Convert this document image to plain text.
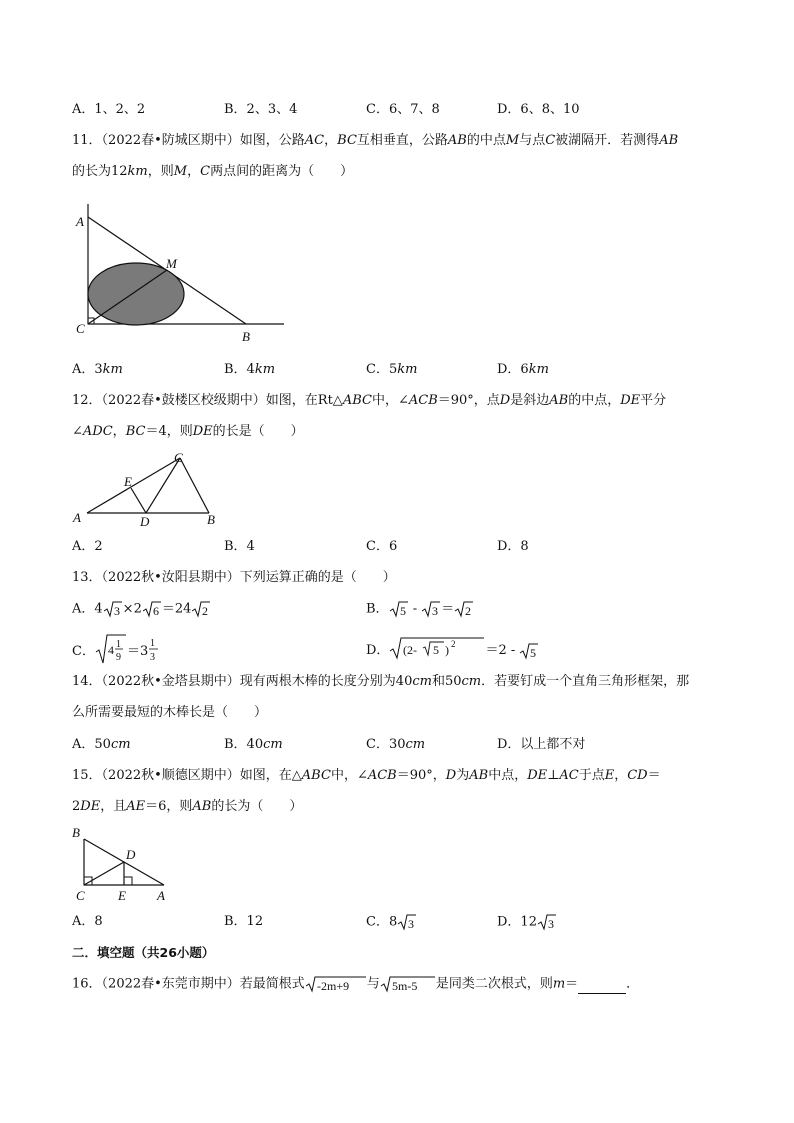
A．1、2、2	B．2、3、4	C．6、7、8	D．6、8、10
11．（2022春•防城区期中）如图，公路AC，BC互相垂直，公路AB的中点M与点C被湖隔开．若测得AB
的长为12km，则M，C两点间的距离为（　　）
A
M
C
B
A．3km	B．4km	C．5km	D．6km
12．（2022春•鼓楼区校级期中）如图，在Rt△ABC中，∠ACB＝90°，点D是斜边AB的中点，DE平分
∠ADC，BC＝4，则DE的长是（　　）
C
E
A	D	B
A．2	B．4	C．6	D．8
13．（2022秋•汝阳县期中）下列运算正确的是（　　）
A．4 3 ×2 6 ＝24 2	B． 5 - 3 ＝ 2
C． 4 1
9 ＝3
1
3	D． (2- 5 ) 2 ＝2 - 5
14．（2022秋•金塔县期中）现有两根木棒的长度分别为40cm和50cm．若要钉成一个直角三角形框架，那
么所需要最短的木棒长是（　　）
A．50cm	B．40cm	C．30cm	D．以上都不对
15．（2022秋•顺德区期中）如图，在△ABC中，∠ACB＝90°，D为AB中点，DE⊥AC于点E，CD＝
2DE，且AE＝6，则AB的长为（　　）
B
D
C	E A
A．8	B．12	C．8 3	D．12 3
二．填空题（共26小题）
16．（2022春•东莞市期中）若最简根式 -2m+9 与 5m-5 是同类二次根式，则m＝	．
